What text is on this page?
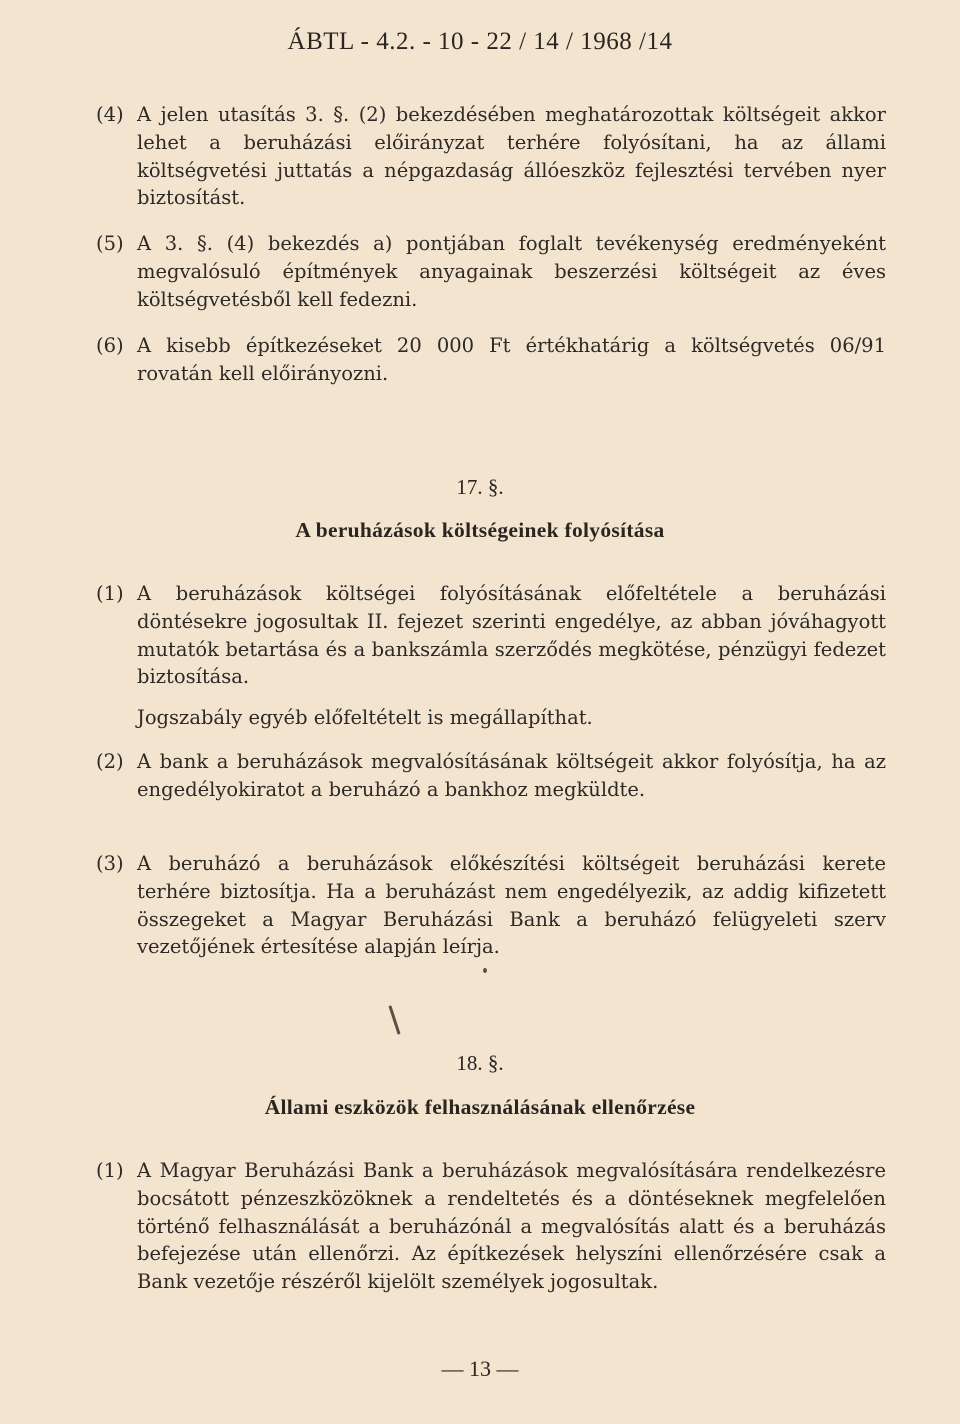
ÁBTL - 4.2. - 10 - 22 / 14 / 1968 /14
(4) A jelen utasítás 3. §. (2) bekezdésében meghatározottak költségeit akkor lehet a beruházási előirányzat terhére folyósítani, ha az állami költségvetési juttatás a népgazdaság állóeszköz fejlesztési tervében nyer biztosítást.
(5) A 3. §. (4) bekezdés a) pontjában foglalt tevékenység eredményeként megvalósuló építmények anyagainak beszerzési költségeit az éves költségvetésből kell fedezni.
(6) A kisebb építkezéseket 20 000 Ft értékhatárig a költségvetés 06/91 rovatán kell előirányozni.
17. §.
A beruházások költségeinek folyósítása
(1) A beruházások költségei folyósításának előfeltétele a beruházási döntésekre jogosultak II. fejezet szerinti engedélye, az abban jóváhagyott mutatók betartása és a bankszámla szerződés megkötése, pénzügyi fedezet biztosítása.
Jogszabály egyéb előfeltételt is megállapíthat.
(2) A bank a beruházások megvalósításának költségeit akkor folyósítja, ha az engedélyokiratot a beruházó a bankhoz megküldte.
(3) A beruházó a beruházások előkészítési költségeit beruházási kerete terhére biztosítja. Ha a beruházást nem engedélyezik, az addig kifizetett összegeket a Magyar Beruházási Bank a beruházó felügyeleti szerv vezetőjének értesítése alapján leírja.
18. §.
Állami eszközök felhasználásának ellenőrzése
(1) A Magyar Beruházási Bank a beruházások megvalósítására rendelkezésre bocsátott pénzeszközöknek a rendeltetés és a döntéseknek megfelelően történő felhasználását a beruházónál a megvalósítás alatt és a beruházás befejezése után ellenőrzi. Az építkezések helyszíni ellenőrzésére csak a Bank vezetője részéről kijelölt személyek jogosultak.
— 13 —
